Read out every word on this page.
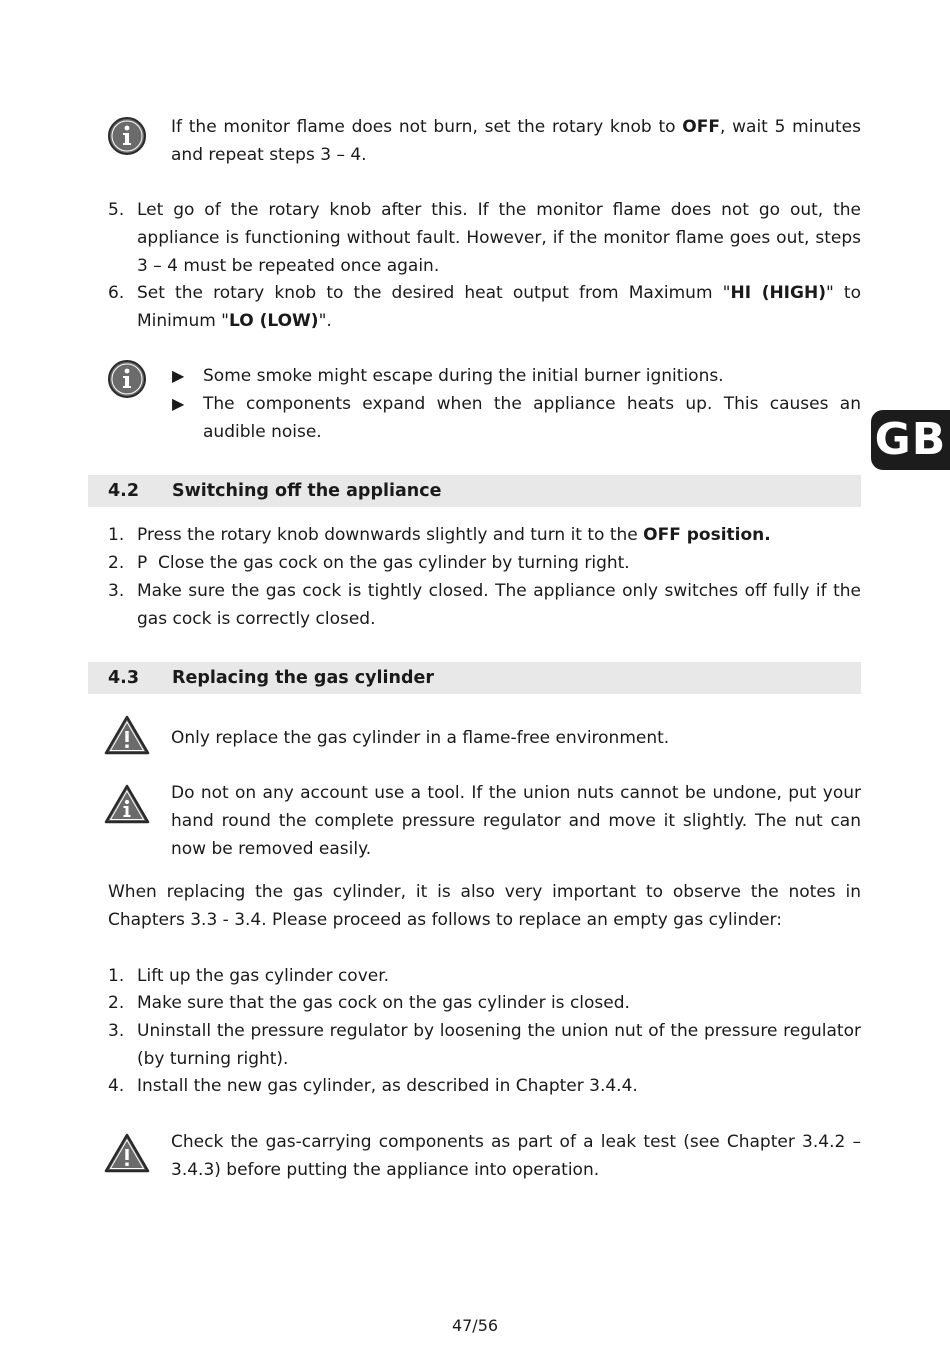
If the monitor flame does not burn, set the rotary knob to OFF, wait 5 minutes and repeat steps 3 – 4.
5. Let go of the rotary knob after this. If the monitor flame does not go out, the appliance is functioning without fault. However, if the monitor flame goes out, steps 3 – 4 must be repeated once again.
6. Set the rotary knob to the desired heat output from Maximum "HI (HIGH)" to Minimum "LO (LOW)".
▶ Some smoke might escape during the initial burner ignitions.
▶ The components expand when the appliance heats up. This causes an audible noise.	GB
4.2 Switching off the appliance
1. Press the rotary knob downwards slightly and turn it to the OFF position.
2. P  Close the gas cock on the gas cylinder by turning right.
3. Make sure the gas cock is tightly closed. The appliance only switches off fully if the gas cock is correctly closed.
4.3 Replacing the gas cylinder
Only replace the gas cylinder in a flame-free environment.
Do not on any account use a tool. If the union nuts cannot be undone, put your hand round the complete pressure regulator and move it slightly. The nut can now be removed easily.
When replacing the gas cylinder, it is also very important to observe the notes in Chapters 3.3 - 3.4. Please proceed as follows to replace an empty gas cylinder:
1. Lift up the gas cylinder cover.
2. Make sure that the gas cock on the gas cylinder is closed.
3. Uninstall the pressure regulator by loosening the union nut of the pressure regulator (by turning right).
4. Install the new gas cylinder, as described in Chapter 3.4.4.
Check the gas-carrying components as part of a leak test (see Chapter 3.4.2 – 3.4.3) before putting the appliance into operation.
47/56
